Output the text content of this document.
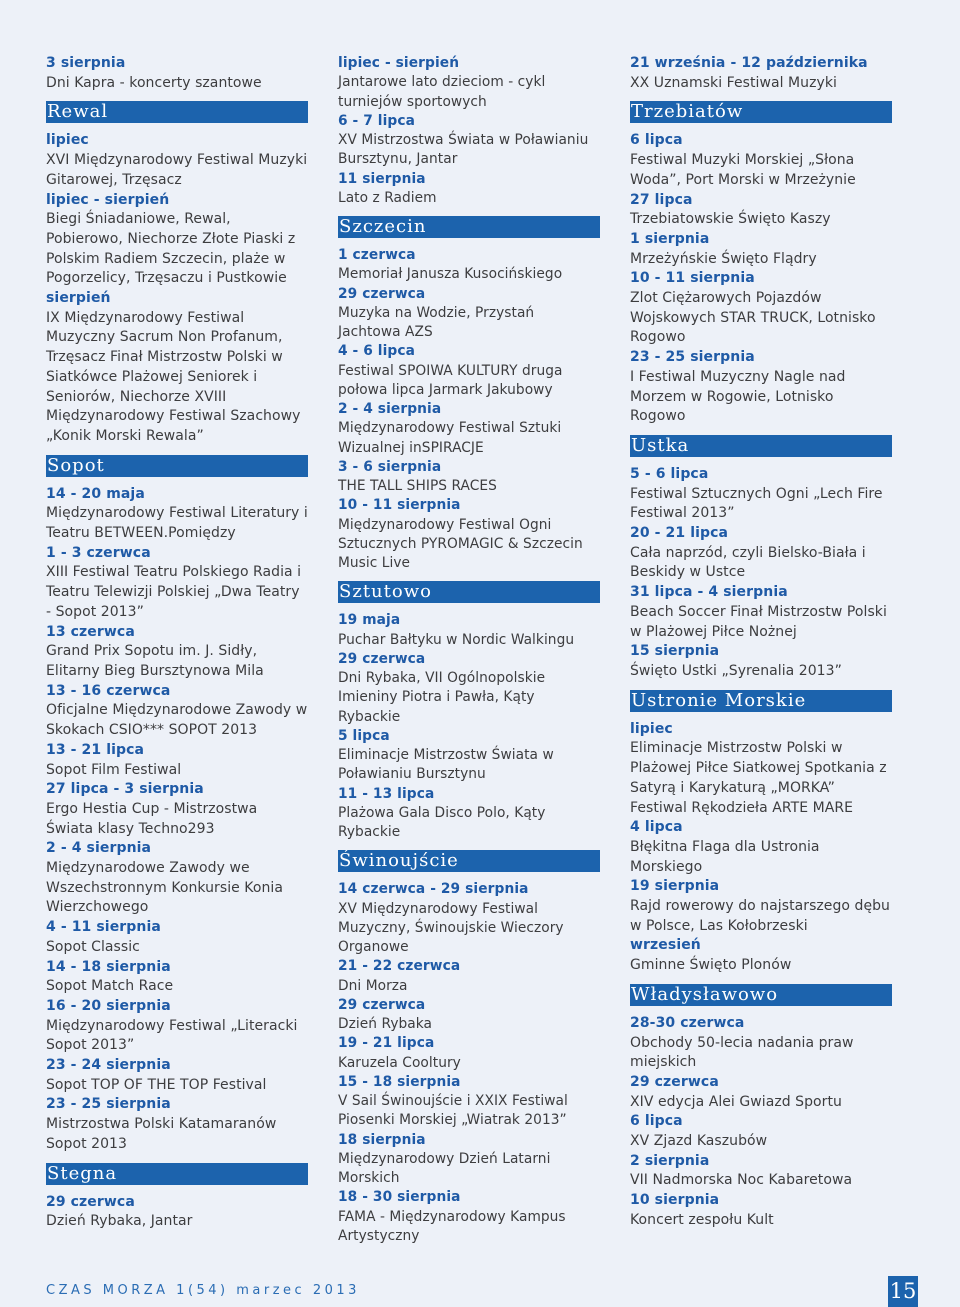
3 sierpnia
Dni Kapra - koncerty szantowe
Rewal
lipiec
XVI Międzynarodowy Festiwal Muzyki Gitarowej, Trzęsacz
lipiec - sierpień
Biegi Śniadaniowe, Rewal, Pobierowo, Niechorze Złote Piaski z Polskim Radiem Szczecin, plaże w Pogorzelicy, Trzęsaczu i Pustkowie
sierpień
IX Międzynarodowy Festiwal Muzyczny Sacrum Non Profanum, Trzęsacz Finał Mistrzostw Polski w Siatkówce Plażowej Seniorek i Seniorów, Niechorze XVIII Międzynarodowy Festiwal Szachowy „Konik Morski Rewala”
Sopot
14 - 20 maja
Międzynarodowy Festiwal Literatury i Teatru BETWEEN.Pomiędzy
1 - 3 czerwca
XIII Festiwal Teatru Polskiego Radia i Teatru Telewizji Polskiej „Dwa Teatry - Sopot 2013”
13 czerwca
Grand Prix Sopotu im. J. Sidły, Elitarny Bieg Bursztynowa Mila
13 - 16 czerwca
Oficjalne Międzynarodowe Zawody w Skokach CSIO*** SOPOT 2013
13 - 21 lipca
Sopot Film Festiwal
27 lipca - 3 sierpnia
Ergo Hestia Cup - Mistrzostwa Świata klasy Techno293
2 - 4 sierpnia
Międzynarodowe Zawody we Wszechstronnym Konkursie Konia Wierzchowego
4 - 11 sierpnia
Sopot Classic
14 - 18 sierpnia
Sopot Match Race
16 - 20 sierpnia
Międzynarodowy Festiwal „Literacki Sopot 2013”
23 - 24 sierpnia
Sopot TOP OF THE TOP Festival
23 - 25 sierpnia
Mistrzostwa Polski Katamaranów Sopot 2013
Stegna
29 czerwca
Dzień Rybaka, Jantar
lipiec - sierpień
Jantarowe lato dzieciom - cykl turniejów sportowych
6 - 7 lipca
XV Mistrzostwa Świata w Poławianiu Bursztynu, Jantar
11 sierpnia
Lato z Radiem
Szczecin
1 czerwca
Memoriał Janusza Kusocińskiego
29 czerwca
Muzyka na Wodzie, Przystań Jachtowa AZS
4 - 6 lipca
Festiwal SPOIWA KULTURY druga połowa lipca Jarmark Jakubowy
2 - 4 sierpnia
Międzynarodowy Festiwal Sztuki Wizualnej inSPIRACJE
3 - 6 sierpnia
THE TALL SHIPS RACES
10 - 11 sierpnia
Międzynarodowy Festiwal Ogni Sztucznych PYROMAGIC & Szczecin Music Live
Sztutowo
19 maja
Puchar Bałtyku w Nordic Walkingu
29 czerwca
Dni Rybaka, VII Ogólnopolskie Imieniny Piotra i Pawła, Kąty Rybackie
5 lipca
Eliminacje Mistrzostw Świata w Poławianiu Bursztynu
11 - 13 lipca
Plażowa Gala Disco Polo, Kąty Rybackie
Świnoujście
14 czerwca - 29 sierpnia
XV Międzynarodowy Festiwal Muzyczny, Świnoujskie Wieczory Organowe
21 - 22 czerwca
Dni Morza
29 czerwca
Dzień Rybaka
19 - 21 lipca
Karuzela Cooltury
15 - 18 sierpnia
V Sail Świnoujście i XXIX Festiwal Piosenki Morskiej „Wiatrak 2013”
18 sierpnia
Międzynarodowy Dzień Latarni Morskich
18 - 30 sierpnia
FAMA - Międzynarodowy Kampus Artystyczny
21 września - 12 października
XX Uznamski Festiwal Muzyki
Trzebiatów
6 lipca
Festiwal Muzyki Morskiej „Słona Woda”, Port Morski w Mrzeżynie
27 lipca
Trzebiatowskie Święto Kaszy
1 sierpnia
Mrzeżyńskie Święto Flądry
10 - 11 sierpnia
Zlot Ciężarowych Pojazdów Wojskowych STAR TRUCK, Lotnisko Rogowo
23 - 25 sierpnia
I Festiwal Muzyczny Nagle nad Morzem w Rogowie, Lotnisko Rogowo
Ustka
5 - 6 lipca
Festiwal Sztucznych Ogni „Lech Fire Festiwal 2013”
20 - 21 lipca
Cała naprzód, czyli Bielsko-Biała i Beskidy w Ustce
31 lipca - 4 sierpnia
Beach Soccer Finał Mistrzostw Polski w Plażowej Piłce Nożnej
15 sierpnia
Święto Ustki „Syrenalia 2013”
Ustronie Morskie
lipiec
Eliminacje Mistrzostw Polski w Plażowej Piłce Siatkowej Spotkania z Satyrą i Karykaturą „MORKA” Festiwal Rękodzieła ARTE MARE
4 lipca
Błękitna Flaga dla Ustronia Morskiego
19 sierpnia
Rajd rowerowy do najstarszego dębu w Polsce, Las Kołobrzeski
wrzesień
Gminne Święto Plonów
Władysławowo
28-30 czerwca
Obchody 50-lecia nadania praw miejskich
29 czerwca
XIV edycja Alei Gwiazd Sportu
6 lipca
XV Zjazd Kaszubów
2 sierpnia
VII Nadmorska Noc Kabaretowa
10 sierpnia
Koncert zespołu Kult
CZAS MORZA 1(54) marzec 2013	15
